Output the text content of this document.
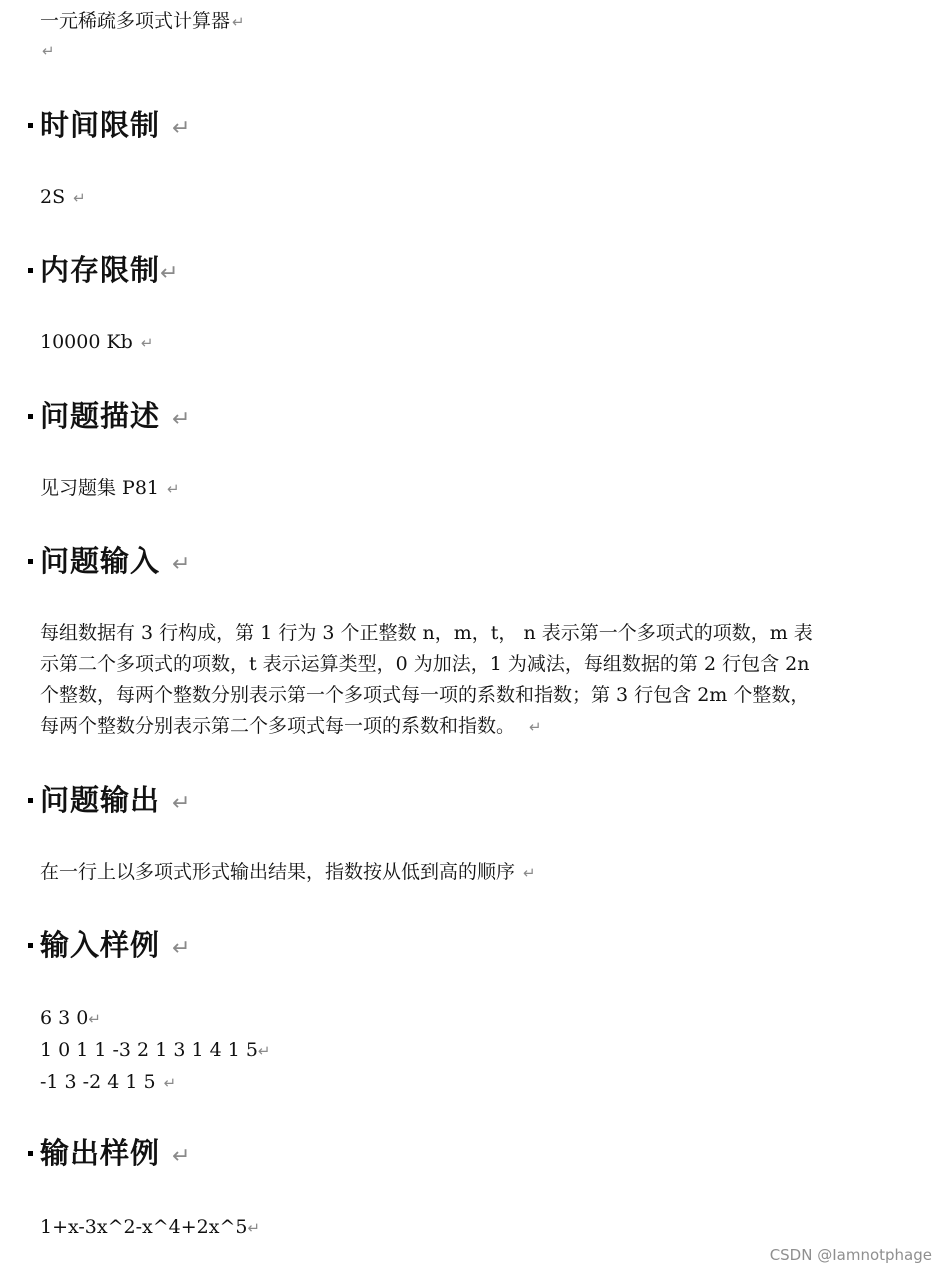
一元稀疏多项式计算器 ↵
↵
时间限制 ↵
2S ↵
内存限制↵
10000 Kb ↵
问题描述 ↵
见习题集 P81 ↵
问题输入 ↵
每组数据有 3 行构成，第 1 行为 3 个正整数 n，m，t， n 表示第一个多项式的项数，m 表
示第二个多项式的项数，t 表示运算类型，0 为加法，1 为减法，每组数据的第 2 行包含 2n
个整数，每两个整数分别表示第一个多项式每一项的系数和指数；第 3 行包含 2m 个整数，
每两个整数分别表示第二个多项式每一项的系数和指数。 ↵
问题输出 ↵
在一行上以多项式形式输出结果，指数按从低到高的顺序 ↵
输入样例 ↵
6 3 0↵
1 0 1 1 -3 2 1 3 1 4 1 5↵
-1 3 -2 4 1 5 ↵
输出样例 ↵
1+x-3x^2-x^4+2x^5↵
CSDN @Iamnotphage
